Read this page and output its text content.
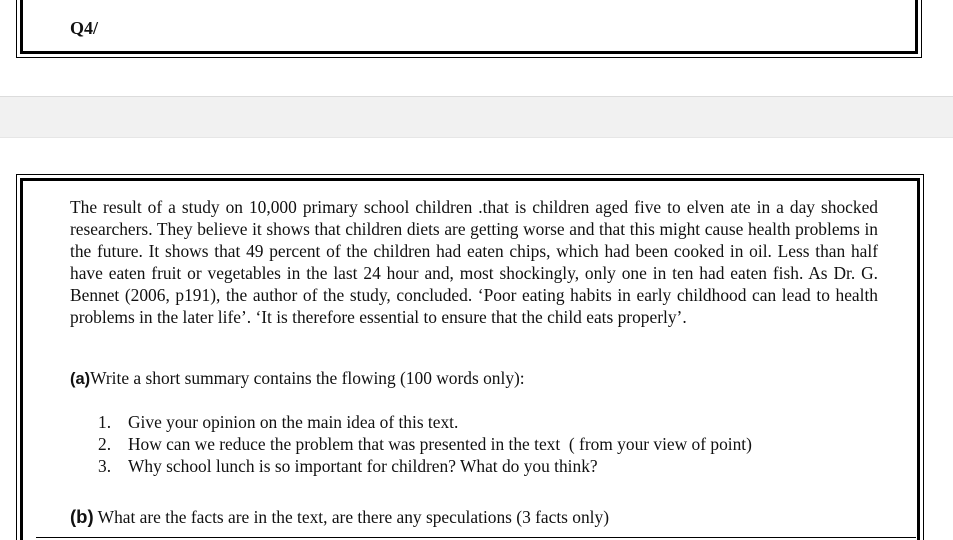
Q4/

The result of a study on 10,000 primary school children .that is children aged five to elven ate in a day shocked researchers. They believe it shows that children diets are getting worse and that this might cause health problems in the future. It shows that 49 percent of the children had eaten chips, which had been cooked in oil. Less than half have eaten fruit or vegetables in the last 24 hour and, most shockingly, only one in ten had eaten fish. As Dr. G. Bennet (2006, p191), the author of the study, concluded. ‘Poor eating habits in early childhood can lead to health problems in the later life’. ‘It is therefore essential to ensure that the child eats properly’.

(a)Write a short summary contains the flowing (100 words only):
1. Give your opinion on the main idea of this text.
2. How can we reduce the problem that was presented in the text  ( from your view of point)
3. Why school lunch is so important for children? What do you think?
(b) What are the facts are in the text, are there any speculations (3 facts only)
